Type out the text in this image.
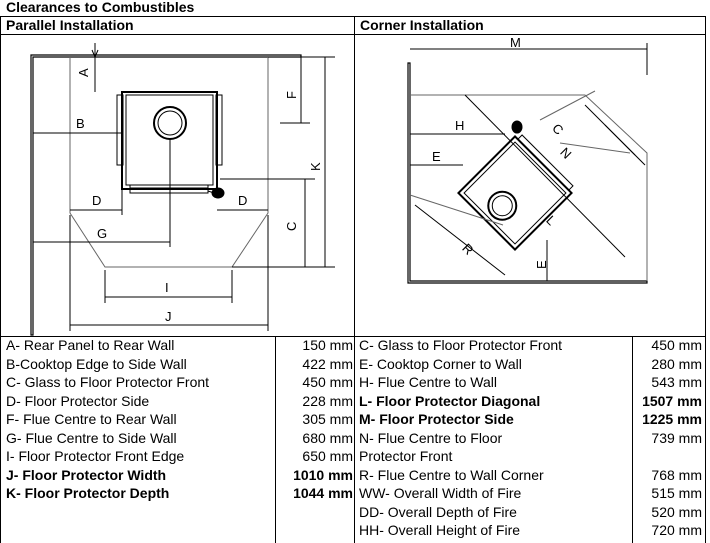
Clearances to Combustibles
Parallel Installation	Corner Installation
A
B
F
K
D	D
C
G
I
J
M
H
E
C
N
L
R
E
A- Rear Panel to Rear Wall	150 mm
B-Cooktop Edge to Side Wall	422 mm
C- Glass to Floor Protector Front	450 mm
D- Floor Protector Side	228 mm
F- Flue Centre to Rear Wall	305 mm
G- Flue Centre to Side Wall	680 mm

I- Floor Protector Front Edge	650 mm
J- Floor Protector Width	1010 mm
K- Floor Protector Depth	1044 mm

C- Glass to Floor Protector Front	450 mm
E- Cooktop Corner to Wall	280 mm
H- Flue Centre to Wall	543 mm
L- Floor Protector Diagonal	1507 mm
M- Floor Protector Side	1225 mm
N- Flue Centre to Floor	739 mm
Protector Front	
R- Flue Centre to Wall Corner	768 mm
WW- Overall Width of Fire	515 mm
DD- Overall Depth of Fire	520 mm
HH- Overall Height of Fire	720 mm
